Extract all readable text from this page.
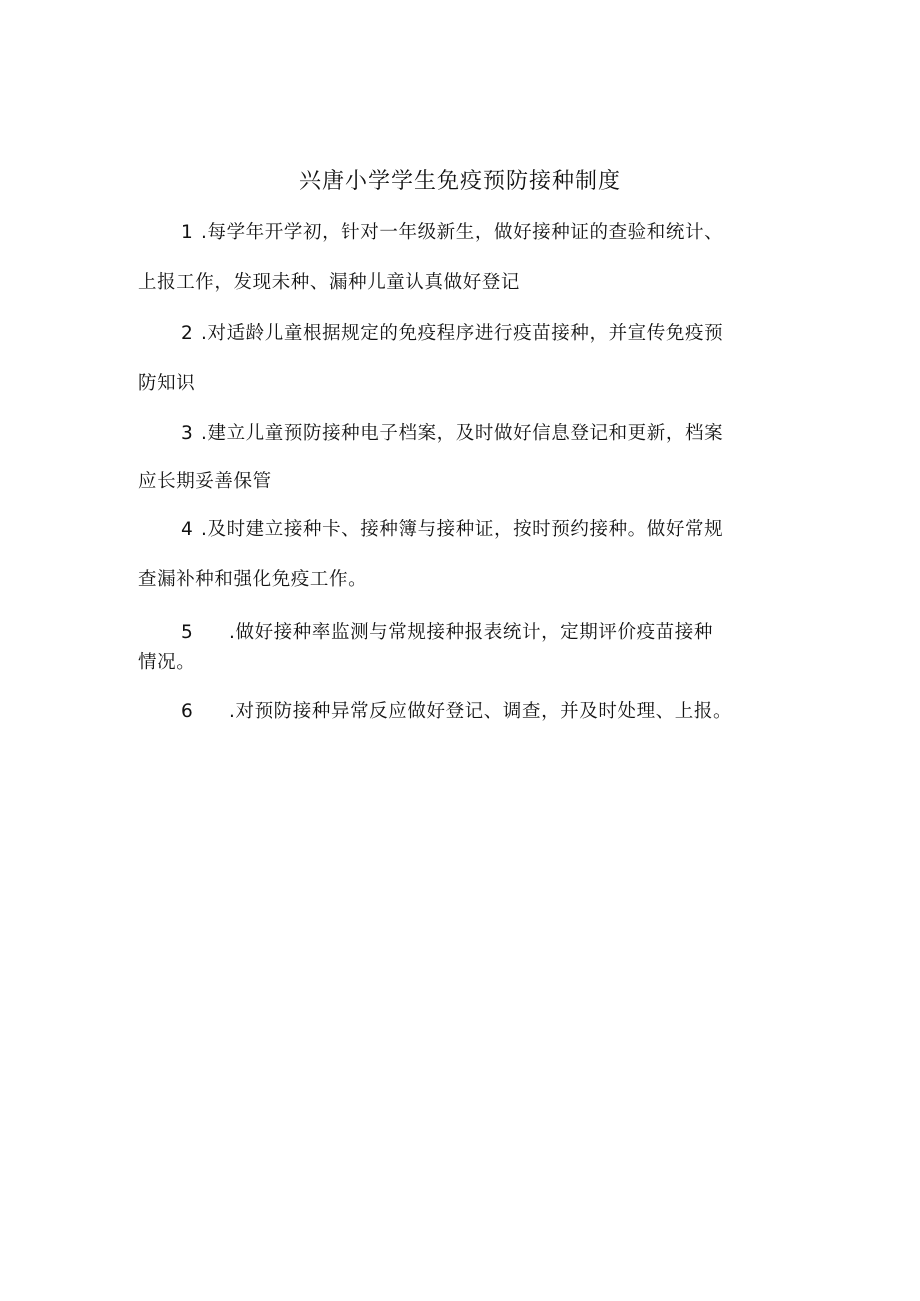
兴唐小学学生免疫预防接种制度
1 .每学年开学初，针对一年级新生，做好接种证的查验和统计、
上报工作，发现未种、漏种儿童认真做好登记
2 .对适龄儿童根据规定的免疫程序进行疫苗接种，并宣传免疫预
防知识
3 .建立儿童预防接种电子档案，及时做好信息登记和更新，档案
应长期妥善保管
4 .及时建立接种卡、接种簿与接种证，按时预约接种。做好常规
查漏补种和强化免疫工作。
5 .做好接种率监测与常规接种报表统计，定期评价疫苗接种
情况。
6 .对预防接种异常反应做好登记、调查，并及时处理、上报。
